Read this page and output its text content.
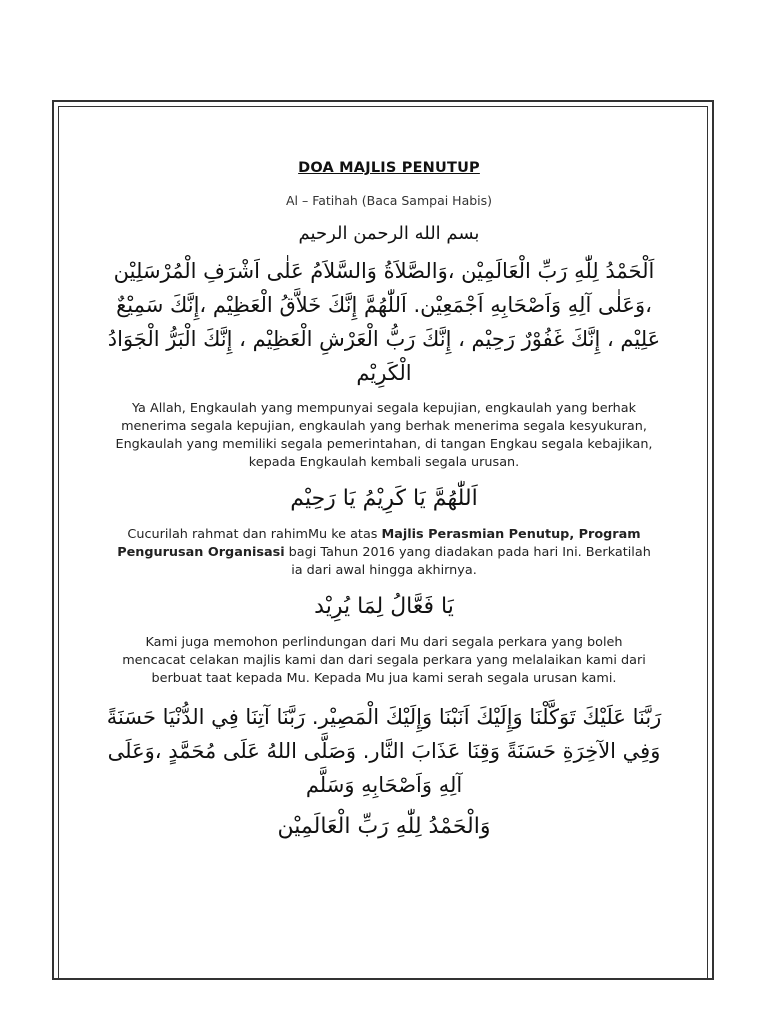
DOA MAJLIS PENUTUP
Al – Fatihah (Baca Sampai Habis)
بسم الله الرحمن الرحيم
اَلْحَمْدُ لِلّٰهِ رَبِّ الْعَالَمِيْن ،وَالصَّلاَةُ وَالسَّلاَمُ عَلٰى اَشْرَفِ الْمُرْسَلِيْن ،وَعَلٰى آلِهِ وَاَصْحَابِهِ اَجْمَعِيْن. اَللّٰهُمَّ إِنَّكَ خَلاَّقُ الْعَظِيْم ،إِنَّكَ سَمِيْعٌ عَلِيْم ، إِنَّكَ غَفُوْرٌ رَحِيْم ، إِنَّكَ رَبُّ الْعَرْشِ الْعَظِيْم ، إِنَّكَ الْبَرُّ الْجَوَادُ الْكَرِيْم
Ya Allah, Engkaulah yang mempunyai segala kepujian, engkaulah yang berhak menerima segala kepujian, engkaulah yang berhak menerima segala kesyukuran, Engkaulah yang memiliki segala pemerintahan, di tangan Engkau segala kebajikan, kepada Engkaulah kembali segala urusan.
اَللّٰهُمَّ يَا كَرِيْمُ يَا رَحِيْم
Cucurilah rahmat dan rahimMu ke atas Majlis Perasmian Penutup, Program Pengurusan Organisasi bagi Tahun 2016 yang diadakan pada hari Ini. Berkatilah ia dari awal hingga akhirnya.
يَا فَعَّالُ لِمَا يُرِيْد
Kami juga memohon perlindungan dari Mu dari segala perkara yang boleh mencacat celakan majlis kami dan dari segala perkara yang melalaikan kami dari berbuat taat kepada Mu. Kepada Mu jua kami serah segala urusan kami.
رَبَّنَا عَلَيْكَ تَوَكَّلْنَا وَإِلَيْكَ اَنَبْنَا وَإِلَيْكَ الْمَصِيْر. رَبَّنَا آتِنَا فِي الدُّنْيَا حَسَنَةً وَفِي الآخِرَةِ حَسَنَةً وَقِنَا عَذَابَ النَّار. وَصَلَّى اللهُ عَلَى مُحَمَّدٍ ،وَعَلَى آلِهِ وَاَصْحَابِهِ وَسَلَّم
وَالْحَمْدُ لِلّٰهِ رَبِّ الْعَالَمِيْن
